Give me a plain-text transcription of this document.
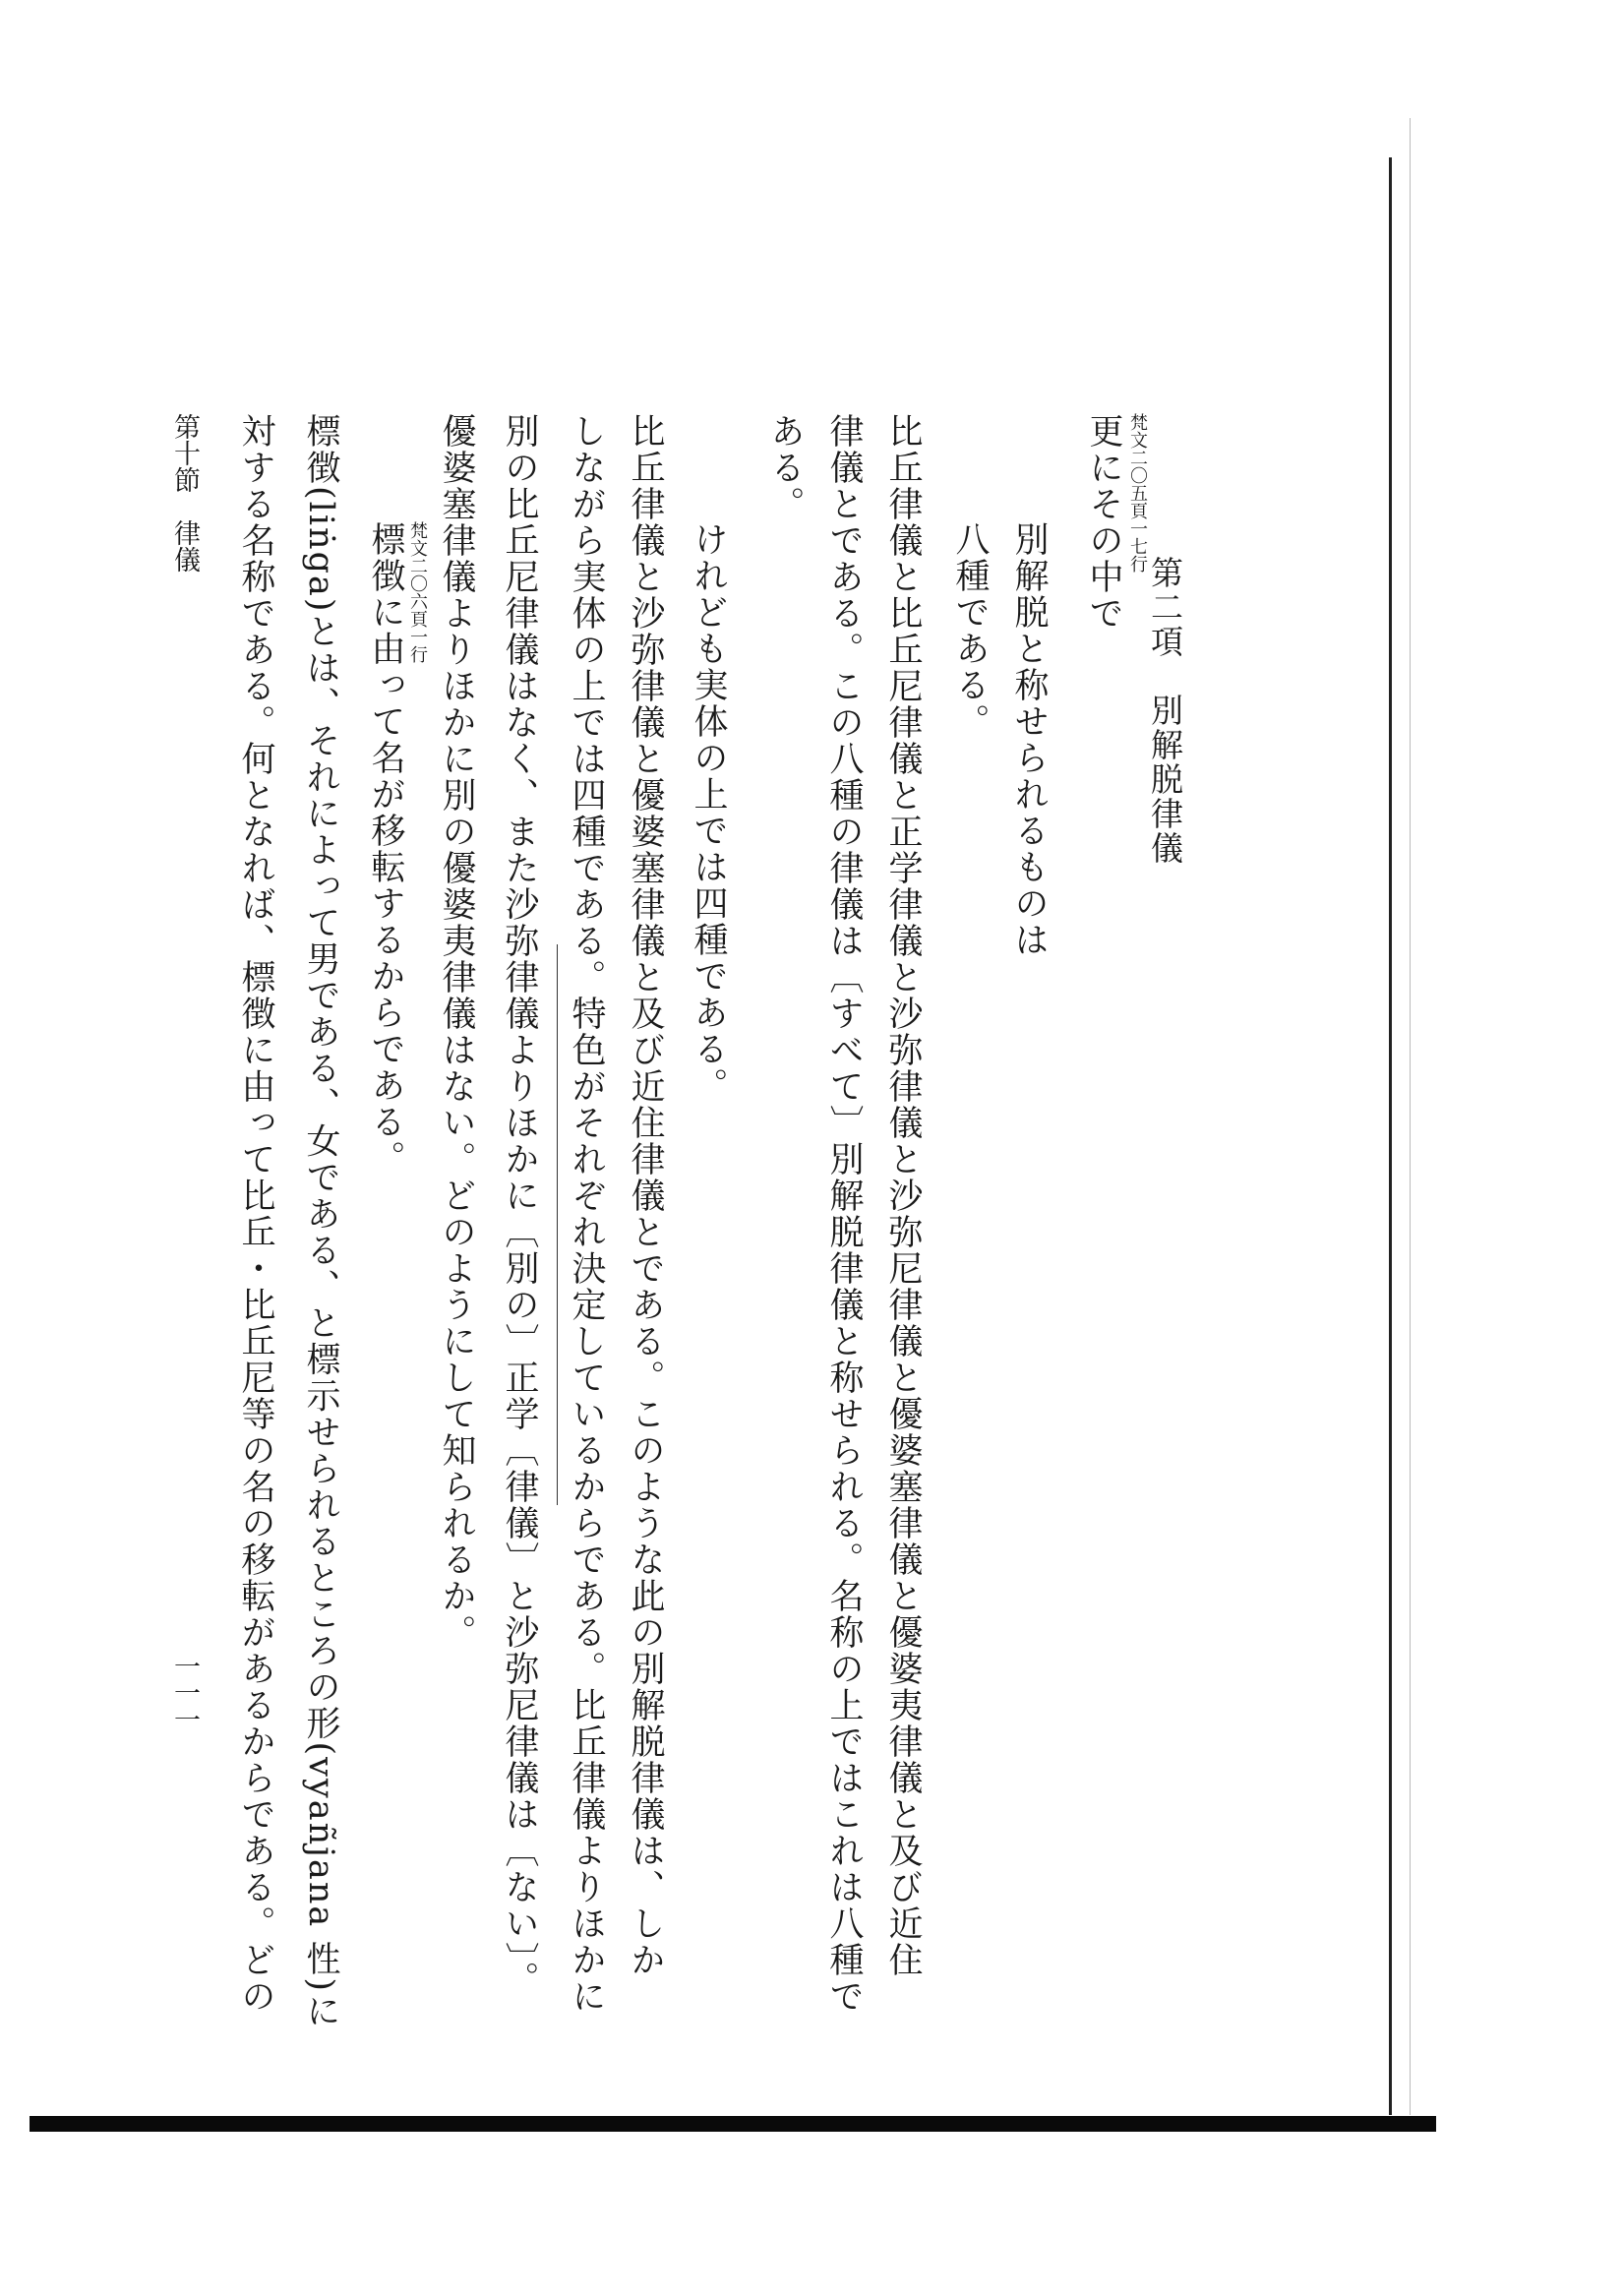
第二項　別解脱律儀
梵文二〇五頁一七行
更にその中で
別解脱と称せられるものは
八種である。
比丘律儀と比丘尼律儀と正学律儀と沙弥律儀と沙弥尼律儀と優婆塞律儀と優婆夷律儀と及び近住
律儀とである。この八種の律儀は〔すべて〕別解脱律儀と称せられる。名称の上ではこれは八種で
ある。
けれども実体の上では四種である。
比丘律儀と沙弥律儀と優婆塞律儀と及び近住律儀とである。このような此の別解脱律儀は、しか
しながら実体の上では四種である。特色がそれぞれ決定しているからである。比丘律儀よりほかに
別の比丘尼律儀はなく、また沙弥律儀よりほかに〔別の〕正学〔律儀〕と沙弥尼律儀は〔ない〕。
優婆塞律儀よりほかに別の優婆夷律儀はない。どのようにして知られるか。
梵文二〇六頁一行
標徴に由って名が移転するからである。
標徴(liṅga)とは、それによって男である、女である、と標示せられるところの形(vyañjana 性)に
対する名称である。何となれば、標徴に由って比丘・比丘尼等の名の移転があるからである。どの
第十節　律儀
一一一
